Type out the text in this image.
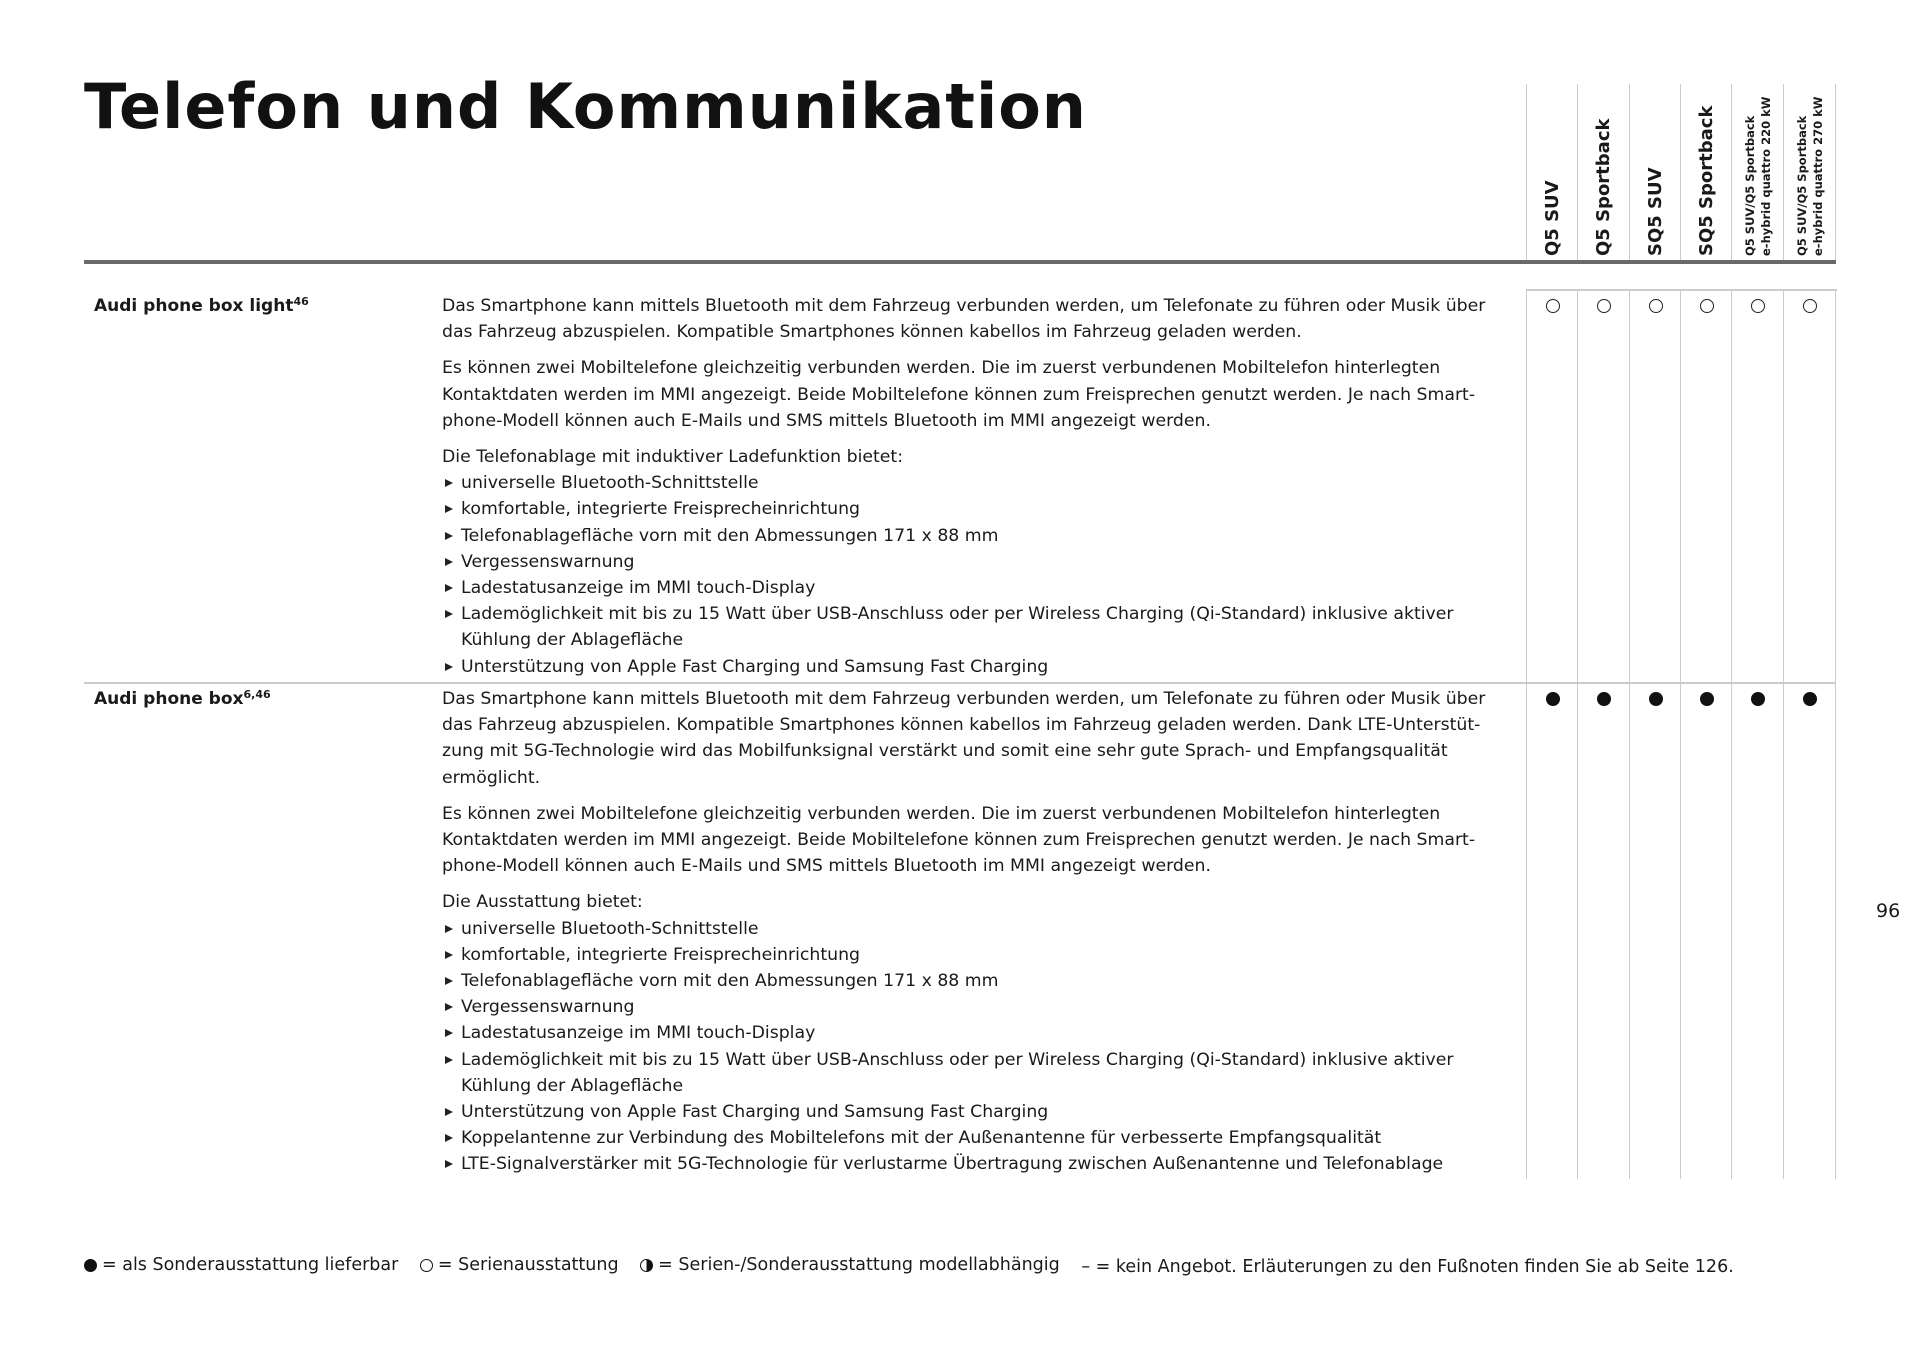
Telefon und Kommunikation
Q5 SUV Q5 Sportback SQ5 SUV SQ5 Sportback Q5 SUV/Q5 Sportback e-hybrid quattro 220 kW Q5 SUV/Q5 Sportback e-hybrid quattro 270 kW
Audi phone box light$^{46}$	Das Smartphone kann mittels Bluetooth mit dem Fahrzeug verbunden werden, um Telefonate zu führen oder Musik über
das Fahrzeug abzuspielen. Kompatible Smartphones können kabellos im Fahrzeug geladen werden.

Es können zwei Mobiltelefone gleichzeitig verbunden werden. Die im zuerst verbundenen Mobiltelefon hinterlegten
Kontaktdaten werden im MMI angezeigt. Beide Mobiltelefone können zum Freisprechen genutzt werden. Je nach Smart-
phone-Modell können auch E-Mails und SMS mittels Bluetooth im MMI angezeigt werden.

Die Telefonablage mit induktiver Ladefunktion bietet:

universelle Bluetooth-Schnittstelle
komfortable, integrierte Freisprecheinrichtung
Telefonablagefläche vorn mit den Abmessungen 171 x 88 mm
Vergessenswarnung
Ladestatusanzeige im MMI touch-Display
Lademöglichkeit mit bis zu 15 Watt über USB-Anschluss oder per Wireless Charging (Qi-Standard) inklusive aktiver
Kühlung der Ablagefläche
Unterstützung von Apple Fast Charging und Samsung Fast Charging
Audi phone box$^{6,46}$	Das Smartphone kann mittels Bluetooth mit dem Fahrzeug verbunden werden, um Telefonate zu führen oder Musik über
das Fahrzeug abzuspielen. Kompatible Smartphones können kabellos im Fahrzeug geladen werden. Dank LTE-Unterstüt-
zung mit 5G-Technologie wird das Mobilfunksignal verstärkt und somit eine sehr gute Sprach- und Empfangsqualität
ermöglicht.

Es können zwei Mobiltelefone gleichzeitig verbunden werden. Die im zuerst verbundenen Mobiltelefon hinterlegten
Kontaktdaten werden im MMI angezeigt. Beide Mobiltelefone können zum Freisprechen genutzt werden. Je nach Smart-
phone-Modell können auch E-Mails und SMS mittels Bluetooth im MMI angezeigt werden.

Die Ausstattung bietet:

universelle Bluetooth-Schnittstelle
komfortable, integrierte Freisprecheinrichtung
Telefonablagefläche vorn mit den Abmessungen 171 x 88 mm
Vergessenswarnung
Ladestatusanzeige im MMI touch-Display
Lademöglichkeit mit bis zu 15 Watt über USB-Anschluss oder per Wireless Charging (Qi-Standard) inklusive aktiver
Kühlung der Ablagefläche
Unterstützung von Apple Fast Charging und Samsung Fast Charging
Koppelantenne zur Verbindung des Mobiltelefons mit der Außenantenne für verbesserte Empfangsqualität
LTE-Signalverstärker mit 5G-Technologie für verlustarme Übertragung zwischen Außenantenne und Telefonablage
= als Sonderausstattung lieferbar
= Serienausstattung
= Serien-/Sonderausstattung modellabhängig
– = kein Angebot. Erläuterungen zu den Fußnoten finden Sie ab Seite 126.
96
